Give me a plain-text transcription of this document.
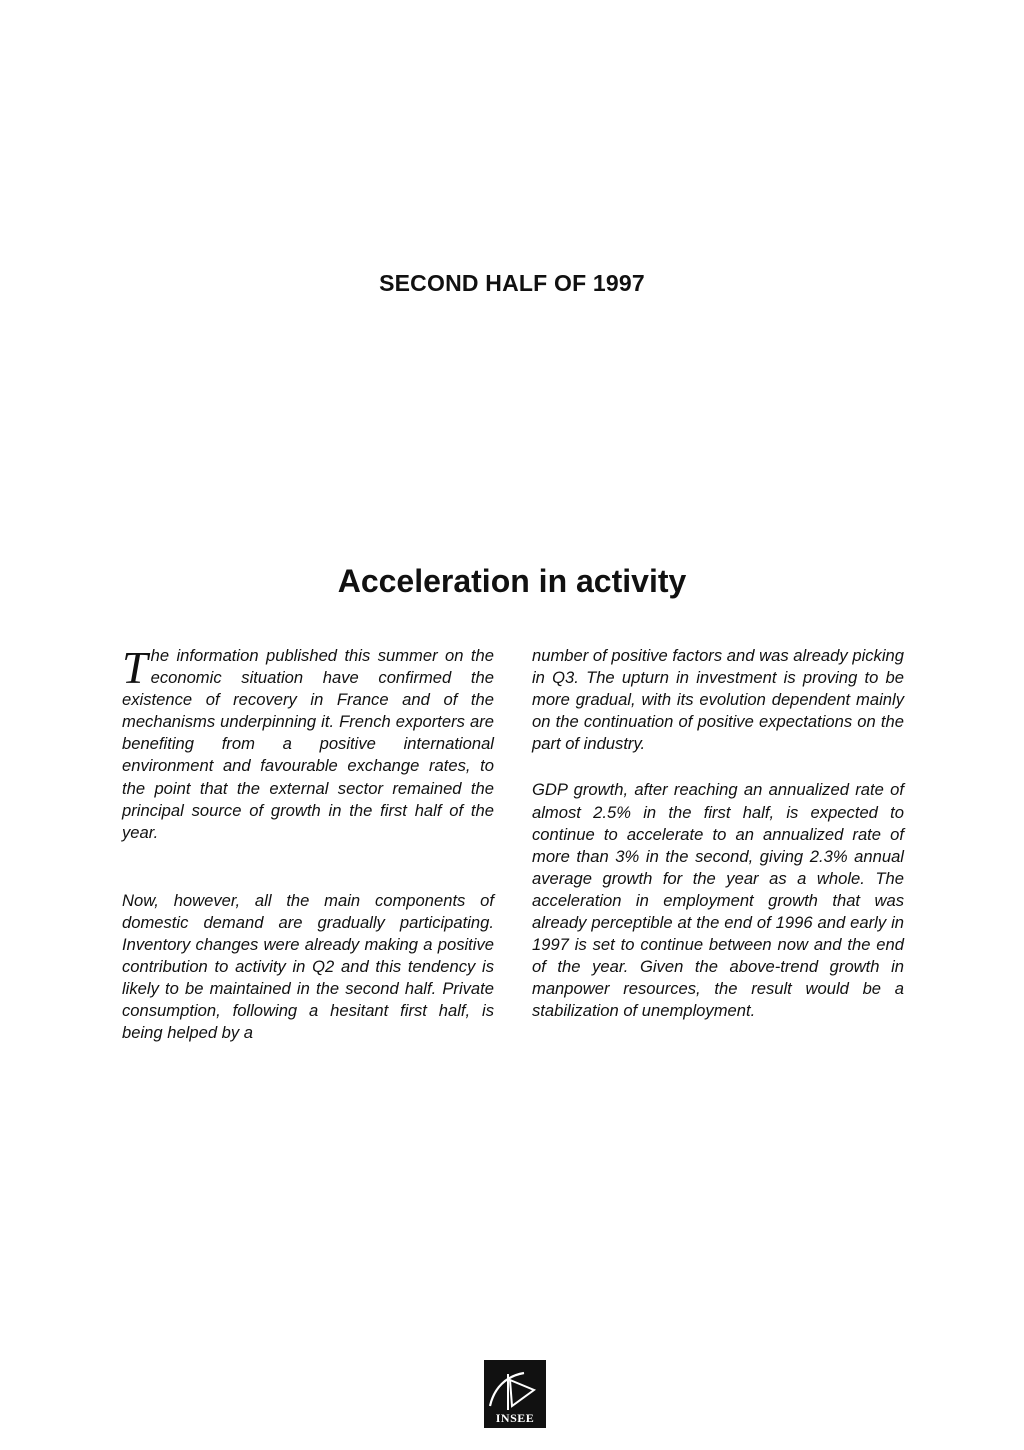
SECOND HALF OF 1997
Acceleration in activity

The information published this summer on the economic situation have confirmed the existence of recovery in France and of the mechanisms underpinning it. French exporters are benefiting from a positive international environment and favourable exchange rates, to the point that the external sector remained the principal source of growth in the first half of the year.

Now, however, all the main components of domestic demand are gradually participating. Inventory changes were already making a positive contribution to activity in Q2 and this tendency is likely to be maintained in the second half. Private consumption, following a hesitant first half, is being helped by a

number of positive factors and was already picking in Q3. The upturn in investment is proving to be more gradual, with its evolution dependent mainly on the continuation of positive expectations on the part of industry.

GDP growth, after reaching an annualized rate of almost 2.5% in the first half, is expected to continue to accelerate to an annualized rate of more than 3% in the second, giving 2.3% annual average growth for the year as a whole. The acceleration in employment growth that was already perceptible at the end of 1996 and early in 1997 is set to continue between now and the end of the year. Given the above-trend growth in manpower resources, the result would be a stabilization of unemployment.

INSEE
